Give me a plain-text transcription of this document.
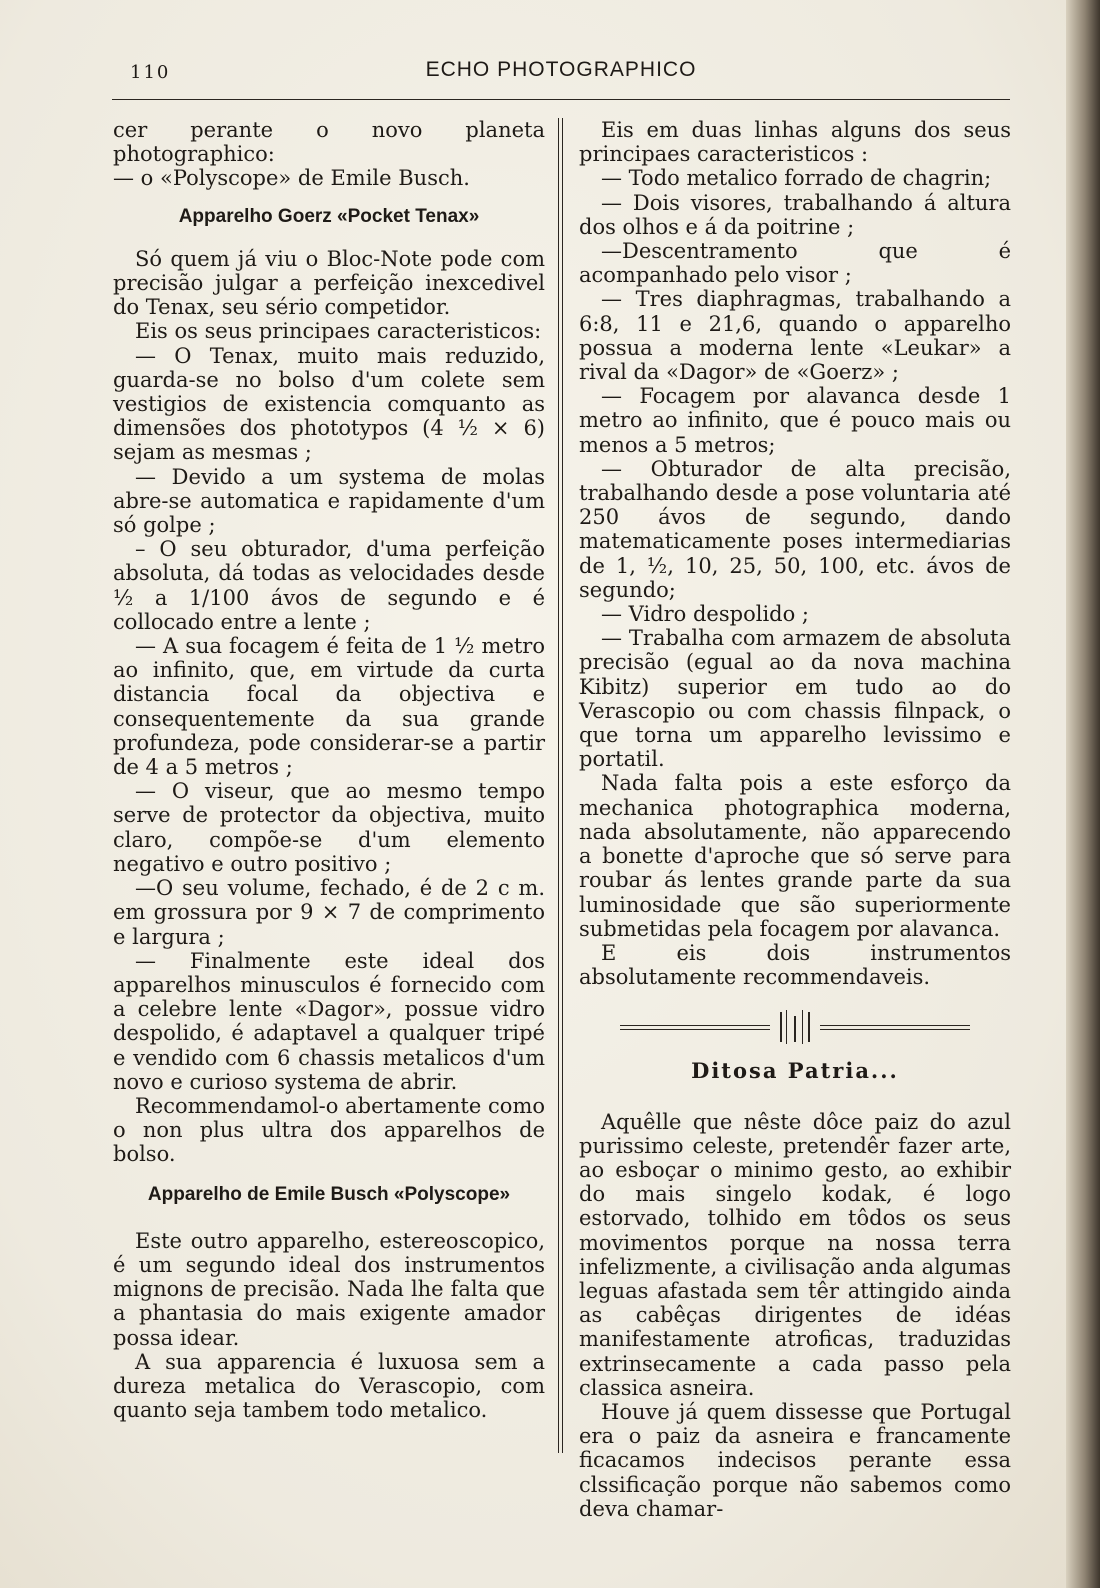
110	ECHO PHOTOGRAPHICO

cer perante o novo planeta photographico:

— o «Polyscope» de Emile Busch.

Apparelho Goerz «Pocket Tenax»

Só quem já viu o Bloc-Note pode com precisão julgar a perfeição inexcedivel do Tenax, seu sério competidor.

Eis os seus principaes caracteristicos:

— O Tenax, muito mais reduzido, guarda-se no bolso d'um colete sem vestigios de existencia comquanto as dimensões dos phototypos (4 ½ × 6) sejam as mesmas ;

— Devido a um systema de molas abre-se automatica e rapidamente d'um só golpe ;

– O seu obturador, d'uma perfeição absoluta, dá todas as velocidades desde ½ a 1/100 ávos de segundo e é collocado entre a lente ;

— A sua focagem é feita de 1 ½ metro ao infinito, que, em virtude da curta distancia focal da objectiva e consequentemente da sua grande profundeza, pode considerar-se a partir de 4 a 5 metros ;

— O viseur, que ao mesmo tempo serve de protector da objectiva, muito claro, compõe-se d'um elemento negativo e outro positivo ;

—O seu volume, fechado, é de 2 c m. em grossura por 9 × 7 de comprimento e largura ;

— Finalmente este ideal dos apparelhos minusculos é fornecido com a celebre lente «Dagor», possue vidro despolido, é adaptavel a qualquer tripé e vendido com 6 chassis metalicos d'um novo e curioso systema de abrir.

Recommendamol-o abertamente como o non plus ultra dos apparelhos de bolso.

Apparelho de Emile Busch «Polyscope»

Este outro apparelho, estereoscopico, é um segundo ideal dos instrumentos mignons de precisão. Nada lhe falta que a phantasia do mais exigente amador possa idear.

A sua apparencia é luxuosa sem a dureza metalica do Verascopio, com quanto seja tambem todo metalico.

Eis em duas linhas alguns dos seus principaes caracteristicos :

— Todo metalico forrado de chagrin;

— Dois visores, trabalhando á altura dos olhos e á da poitrine ;

—Descentramento que é acompanhado pelo visor ;

— Tres diaphragmas, trabalhando a 6:8, 11 e 21,6, quando o apparelho possua a moderna lente «Leukar» a rival da «Dagor» de «Goerz» ;

— Focagem por alavanca desde 1 metro ao infinito, que é pouco mais ou menos a 5 metros;

— Obturador de alta precisão, trabalhando desde a pose voluntaria até 250 ávos de segundo, dando matematicamente poses intermediarias de 1, ½, 10, 25, 50, 100, etc. ávos de segundo;

— Vidro despolido ;

— Trabalha com armazem de absoluta precisão (egual ao da nova machina Kibitz) superior em tudo ao do Verascopio ou com chassis filnpack, o que torna um apparelho levissimo e portatil.

Nada falta pois a este esforço da mechanica photographica moderna, nada absolutamente, não apparecendo a bonette d'aproche que só serve para roubar ás lentes grande parte da sua luminosidade que são superiormente submetidas pela focagem por alavanca.

E eis dois instrumentos absolutamente recommendaveis.

Ditosa Patria...

Aquêlle que nêste dôce paiz do azul purissimo celeste, pretendêr fazer arte, ao esboçar o minimo gesto, ao exhibir do mais singelo kodak, é logo estorvado, tolhido em tôdos os seus movimentos porque na nossa terra infelizmente, a civilisação anda algumas leguas afastada sem têr attingido ainda as cabêças dirigentes de idéas manifestamente atroficas, traduzidas extrinsecamente a cada passo pela classica asneira.

Houve já quem dissesse que Portugal era o paiz da asneira e francamente ficacamos indecisos perante essa clssificação porque não sabemos como deva chamar-
